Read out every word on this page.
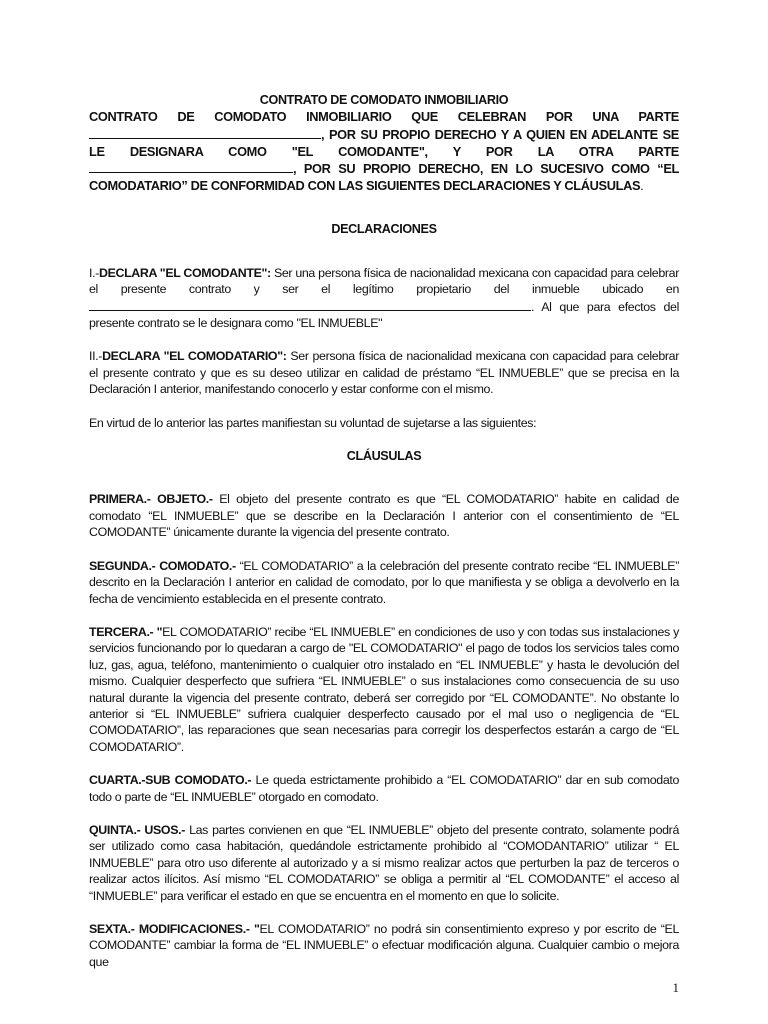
CONTRATO DE COMODATO INMOBILIARIO

CONTRATO DE COMODATO INMOBILIARIO QUE CELEBRAN POR UNA PARTE , POR SU PROPIO DERECHO Y A QUIEN EN ADELANTE SE LE DESIGNARA COMO "EL COMODANTE", Y POR LA OTRA PARTE , POR SU PROPIO DERECHO, EN LO SUCESIVO COMO “EL COMODATARIO” DE CONFORMIDAD CON LAS SIGUIENTES DECLARACIONES Y CLÁUSULAS.

DECLARACIONES

I.-DECLARA "EL COMODANTE": Ser una persona física de nacionalidad mexicana con capacidad para celebrar el presente contrato y ser el legítimo propietario del inmueble ubicado en . Al que para efectos del presente contrato se le designara como "EL INMUEBLE"

II.-DECLARA "EL COMODATARIO": Ser persona física de nacionalidad mexicana con capacidad para celebrar el presente contrato y que es su deseo utilizar en calidad de préstamo “EL INMUEBLE” que se precisa en la Declaración I anterior, manifestando conocerlo y estar conforme con el mismo.

En virtud de lo anterior las partes manifiestan su voluntad de sujetarse a las siguientes:

CLÁUSULAS

PRIMERA.- OBJETO.- El objeto del presente contrato es que “EL COMODATARIO” habite en calidad de comodato “EL INMUEBLE” que se describe en la Declaración I anterior con el consentimiento de “EL COMODANTE” únicamente durante la vigencia del presente contrato.

SEGUNDA.- COMODATO.- “EL COMODATARIO” a la celebración del presente contrato recibe “EL INMUEBLE” descrito en la Declaración I anterior en calidad de comodato, por lo que manifiesta y se obliga a devolverlo en la fecha de vencimiento establecida en el presente contrato.

TERCERA.- "EL COMODATARIO” recibe “EL INMUEBLE” en condiciones de uso y con todas sus instalaciones y servicios funcionando por lo quedaran a cargo de "EL COMODATARIO" el pago de todos los servicios tales como luz, gas, agua, teléfono, mantenimiento o cualquier otro instalado en “EL INMUEBLE” y hasta le devolución del mismo. Cualquier desperfecto que sufriera “EL INMUEBLE” o sus instalaciones como consecuencia de su uso natural durante la vigencia del presente contrato, deberá ser corregido por “EL COMODANTE”. No obstante lo anterior si “EL INMUEBLE” sufriera cualquier desperfecto causado por el mal uso o negligencia de “EL COMODATARIO”, las reparaciones que sean necesarias para corregir los desperfectos estarán a cargo de “EL COMODATARIO”.

CUARTA.-SUB COMODATO.- Le queda estrictamente prohibido a “EL COMODATARIO” dar en sub comodato todo o parte de “EL INMUEBLE” otorgado en comodato.

QUINTA.- USOS.- Las partes convienen en que “EL INMUEBLE” objeto del presente contrato, solamente podrá ser utilizado como casa habitación, quedándole estrictamente prohibido al “COMODANTARIO” utilizar “ EL INMUEBLE” para otro uso diferente al autorizado y a si mismo realizar actos que perturben la paz de terceros o realizar actos ilícitos. Así mismo “EL COMODATARIO” se obliga a permitir al “EL COMODANTE” el acceso al “INMUEBLE” para verificar el estado en que se encuentra en el momento en que lo solicite.

SEXTA.- MODIFICACIONES.- "EL COMODATARIO” no podrá sin consentimiento expreso y por escrito de “EL COMODANTE” cambiar la forma de “EL INMUEBLE” o efectuar modificación alguna. Cualquier cambio o mejora que

1
